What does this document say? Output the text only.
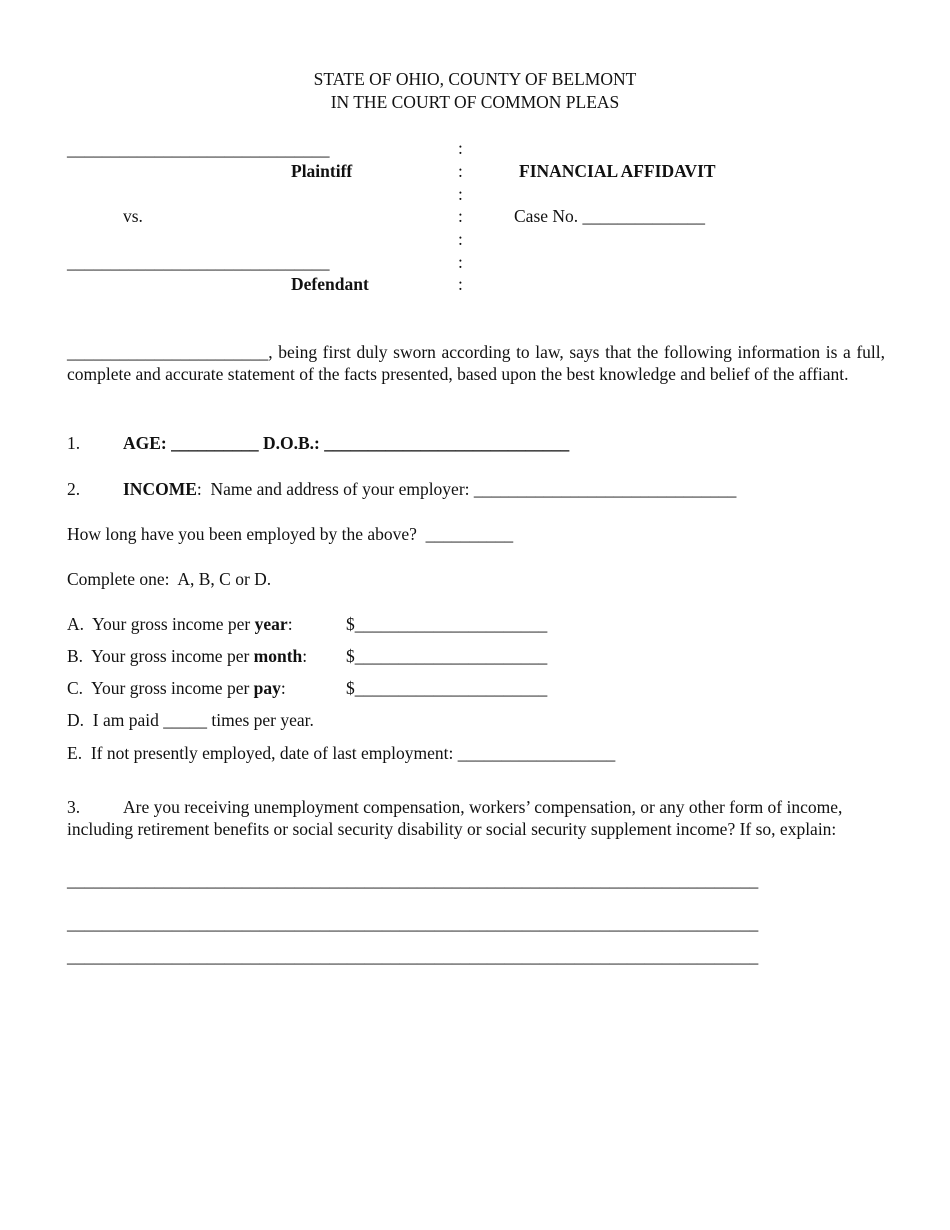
STATE OF OHIO, COUNTY OF BELMONT
IN THE COURT OF COMMON PLEAS
______________________________
Plaintiff
vs.
______________________________
Defendant
:
:
:
:
:
:
:
FINANCIAL AFFIDAVIT
Case No. ______________
_______________________, being first duly sworn according to law, says that the following information is a full, complete and accurate statement of the facts presented, based upon the best knowledge and belief of the affiant.
1. AGE: __________ D.O.B.: ____________________________
2. INCOME:  Name and address of your employer: ______________________________
How long have you been employed by the above? __________
Complete one:  A, B, C or D.
A.  Your gross income per year:	$______________________
B.  Your gross income per month: $______________________
C.  Your gross income per pay:	$______________________
D.  I am paid _____ times per year.
E.  If not presently employed, date of last employment: __________________
3. Are you receiving unemployment compensation, workers’ compensation, or any other form of income, including retirement benefits or social security disability or social security supplement income? If so, explain:
_______________________________________________________________________________
_______________________________________________________________________________
_______________________________________________________________________________
